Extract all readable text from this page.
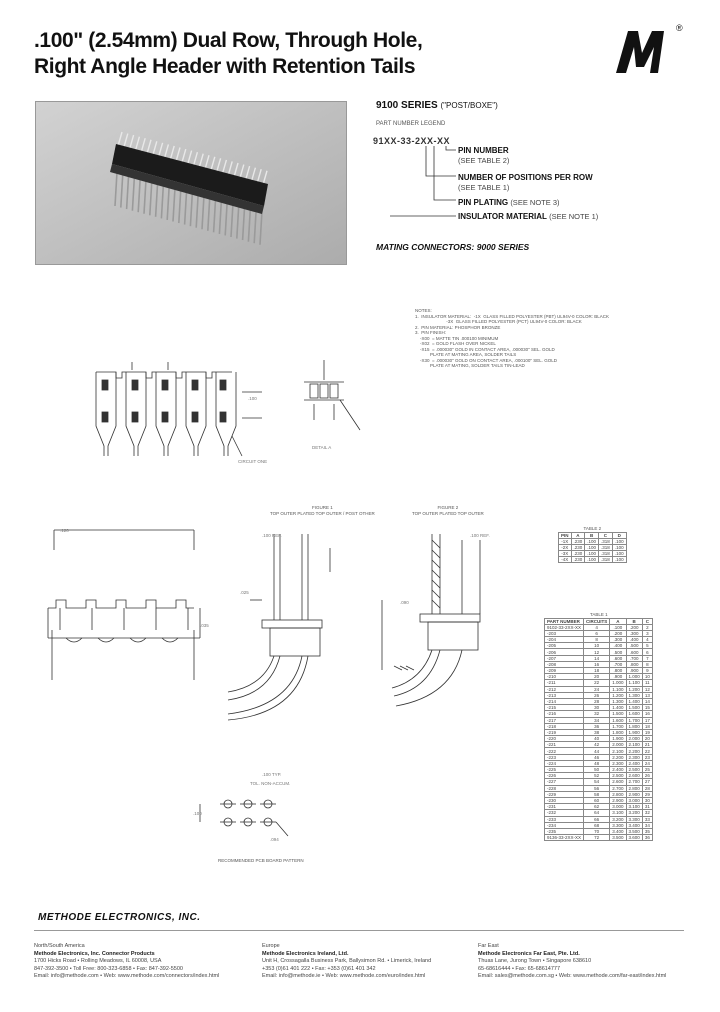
.100" (2.54mm) Dual Row, Through Hole,
Right Angle Header with Retention Tails
®
9100 SERIES ("POST/BOXE")
PART NUMBER LEGEND
91XX-33-2XX-XX
PIN NUMBER
(SEE TABLE 2)
NUMBER OF POSITIONS PER ROW
(SEE TABLE 1)
PIN PLATING (SEE NOTE 3)
INSULATOR MATERIAL (SEE NOTE 1)
MATING CONNECTORS: 9000 SERIES
NOTES:
1.  INSULATOR MATERIAL:  -1X  GLASS FILLED POLYESTER (PBT) UL94V-0 COLOR: BLACK
-3X  GLASS FILLED POLYESTER (PCT) UL94V-0 COLOR: BLACK
2.  PIN MATERIAL: PHOSPHOR BRONZE
3.  PIN FINISH:
-X00  = MATTE TIN .000100 MINIMUM
-X02  = GOLD FLASH OVER NICKEL
-X15  = .000030" GOLD IN CONTACT AREA, .000030" SEL. GOLD
PLATE AT MATING AREA, SOLDER TAILS
-X30  = .000030" GOLD ON CONTACT AREA, .000100" SEL. GOLD
PLATE AT MATING, SOLDER TAILS TIN-LEAD
.100
CIRCUIT ONE
DETAIL A
FIGURE 1
TOP OUTER PLATED TOP OUTER / POST OTHER
FIGURE 2
TOP OUTER PLATED TOP OUTER
.120
.035
.100 REF.
.025
.100 REF.
.090
.100
.100 TYP.
TOL. NON-ACCUM.
.094
RECOMMENDED PCB BOARD PATTERN
TABLE 2
PIN	A	B	C	D
-1X	.230	.100	.318	.100
-2X	.230	.100	.318	.100
-3X	.230	.100	.318	.100
-4X	.230	.100	.318	.100
TABLE 1
PART NUMBER	CIRCUITS	A	B	C
9102-33-2XX-XX	4	.100	.200	2
-203	6	.200	.300	3
-204	8	.300	.400	4
-205	10	.400	.500	5
-206	12	.500	.600	6
-207	14	.600	.700	7
-208	16	.700	.800	8
-209	18	.800	.900	9
-210	20	.900	1.000	10
-211	22	1.000	1.100	11
-212	24	1.100	1.200	12
-213	26	1.200	1.300	13
-214	28	1.300	1.400	14
-215	30	1.400	1.500	15
-216	32	1.500	1.600	16
-217	34	1.600	1.700	17
-218	36	1.700	1.800	18
-219	38	1.800	1.900	19
-220	40	1.900	2.000	20
-221	42	2.000	2.100	21
-222	44	2.100	2.200	22
-223	46	2.200	2.300	23
-224	48	2.300	2.400	24
-225	50	2.400	2.500	25
-226	52	2.500	2.600	26
-227	54	2.600	2.700	27
-228	56	2.700	2.800	28
-229	58	2.800	2.900	29
-230	60	2.900	3.000	30
-231	62	3.000	3.100	31
-232	64	3.100	3.200	32
-233	66	3.200	3.300	33
-234	68	3.300	3.400	34
-235	70	3.400	3.500	35
9136-33-2XX-XX	72	3.500	3.600	36
METHODE ELECTRONICS, INC.
North/South America
Methode Electronics, Inc. Connector Products
1700 Hicks Road • Rolling Meadows, IL 60008, USA
847-392-3500 • Toll Free: 800-323-6858 • Fax: 847-392-5500
Email: info@methode.com • Web: www.methode.com/connectors/index.html
Europe
Methode Electronics Ireland, Ltd.
Unit H, Crossagalla Business Park, Ballysimon Rd. • Limerick, Ireland
+353 (0)61 401 222 • Fax: +353 (0)61 401 342
Email: info@methode.ie • Web: www.methode.com/euro/index.html
Far East
Methode Electronics Far East, Pte. Ltd.
Thuas Lane, Jurong Town • Singapore 638610
65-68616444 • Fax: 65-68614777
Email: sales@methode.com.sg • Web: www.methode.com/far-east/index.html
